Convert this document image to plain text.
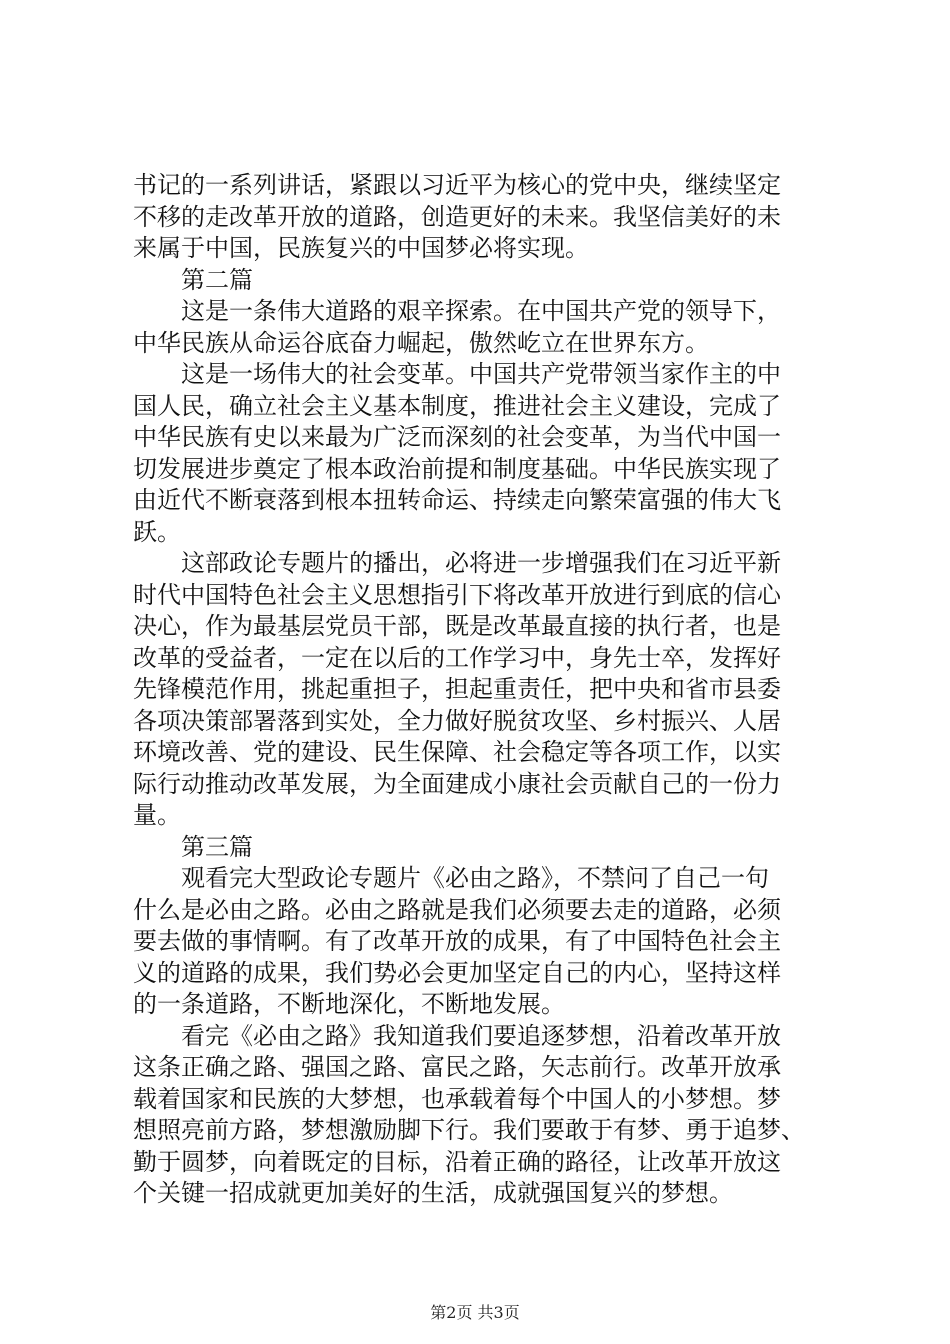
书记的一系列讲话，紧跟以习近平为核心的党中央，继续坚定
不移的走改革开放的道路，创造更好的未来。我坚信美好的未
来属于中国，民族复兴的中国梦必将实现。
　　第二篇
　　这是一条伟大道路的艰辛探索。在中国共产党的领导下，
中华民族从命运谷底奋力崛起，傲然屹立在世界东方。
　　这是一场伟大的社会变革。中国共产党带领当家作主的中
国人民，确立社会主义基本制度，推进社会主义建设，完成了
中华民族有史以来最为广泛而深刻的社会变革，为当代中国一
切发展进步奠定了根本政治前提和制度基础。中华民族实现了
由近代不断衰落到根本扭转命运、持续走向繁荣富强的伟大飞
跃。
　　这部政论专题片的播出，必将进一步增强我们在习近平新
时代中国特色社会主义思想指引下将改革开放进行到底的信心
决心，作为最基层党员干部，既是改革最直接的执行者，也是
改革的受益者，一定在以后的工作学习中，身先士卒，发挥好
先锋模范作用，挑起重担子，担起重责任，把中央和省市县委
各项决策部署落到实处，全力做好脱贫攻坚、乡村振兴、人居
环境改善、党的建设、民生保障、社会稳定等各项工作，以实
际行动推动改革发展，为全面建成小康社会贡献自己的一份力
量。
　　第三篇
　　观看完大型政论专题片《必由之路》，不禁问了自己一句
什么是必由之路。必由之路就是我们必须要去走的道路，必须
要去做的事情啊。有了改革开放的成果，有了中国特色社会主
义的道路的成果，我们势必会更加坚定自己的内心，坚持这样
的一条道路，不断地深化，不断地发展。
　　看完《必由之路》我知道我们要追逐梦想，沿着改革开放
这条正确之路、强国之路、富民之路，矢志前行。改革开放承
载着国家和民族的大梦想，也承载着每个中国人的小梦想。梦
想照亮前方路，梦想激励脚下行。我们要敢于有梦、勇于追梦、
勤于圆梦，向着既定的目标，沿着正确的路径，让改革开放这
个关键一招成就更加美好的生活，成就强国复兴的梦想。
第2页 共3页
